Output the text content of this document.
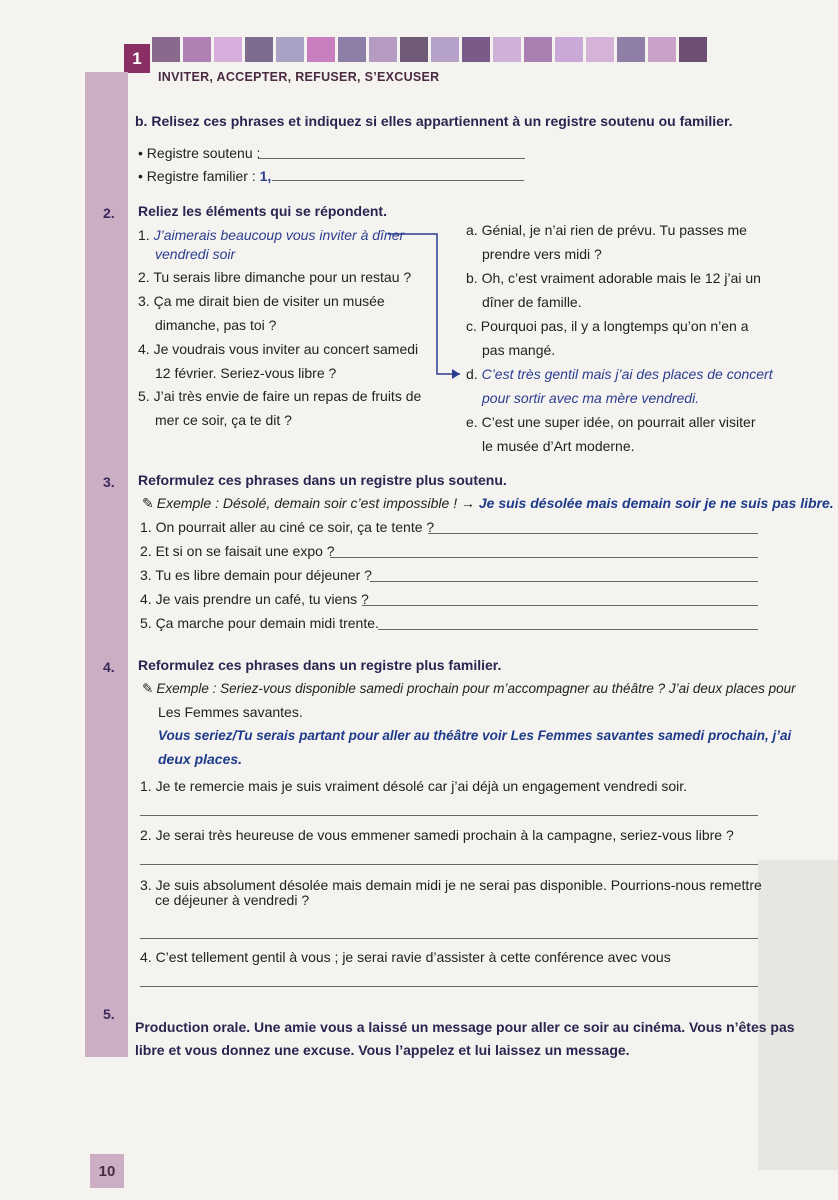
1
INVITER, ACCEPTER, REFUSER, S’EXCUSER
b. Relisez ces phrases et indiquez si elles appartiennent à un registre soutenu ou familier.
• Registre soutenu :
• Registre familier : 1,
2. Reliez les éléments qui se répondent.
1. J’aimerais beaucoup vous inviter à dîner
vendredi soir
2. Tu serais libre dimanche pour un restau ?
3. Ça me dirait bien de visiter un musée
dimanche, pas toi ?
4. Je voudrais vous inviter au concert samedi
12 février. Seriez-vous libre ?
5. J’ai très envie de faire un repas de fruits de
mer ce soir, ça te dit ?
a. Génial, je n’ai rien de prévu. Tu passes me
prendre vers midi ?
b. Oh, c’est vraiment adorable mais le 12 j’ai un
dîner de famille.
c. Pourquoi pas, il y a longtemps qu’on n’en a
pas mangé.
d. C’est très gentil mais j’ai des places de concert
pour sortir avec ma mère vendredi.
e. C’est une super idée, on pourrait aller visiter
le musée d’Art moderne.
3. Reformulez ces phrases dans un registre plus soutenu.
✎ Exemple : Désolé, demain soir c’est impossible ! → Je suis désolée mais demain soir je ne suis pas libre.
1. On pourrait aller au ciné ce soir, ça te tente ?
2. Et si on se faisait une expo ?
3. Tu es libre demain pour déjeuner ?
4. Je vais prendre un café, tu viens ?
5. Ça marche pour demain midi trente.
4. Reformulez ces phrases dans un registre plus familier.
✎ Exemple : Seriez-vous disponible samedi prochain pour m’accompagner au théâtre ? J’ai deux places pour
Les Femmes savantes.
Vous seriez/Tu serais partant pour aller au théâtre voir Les Femmes savantes samedi prochain, j’ai
deux places.
1. Je te remercie mais je suis vraiment désolé car j’ai déjà un engagement vendredi soir.
2. Je serai très heureuse de vous emmener samedi prochain à la campagne, seriez-vous libre ?
3. Je suis absolument désolée mais demain midi je ne serai pas disponible. Pourrions-nous remettre
ce déjeuner à vendredi ?
4. C’est tellement gentil à vous ; je serai ravie d’assister à cette conférence avec vous
5.
Production orale. Une amie vous a laissé un message pour aller ce soir au cinéma. Vous n’êtes pas
libre et vous donnez une excuse. Vous l’appelez et lui laissez un message.
10
